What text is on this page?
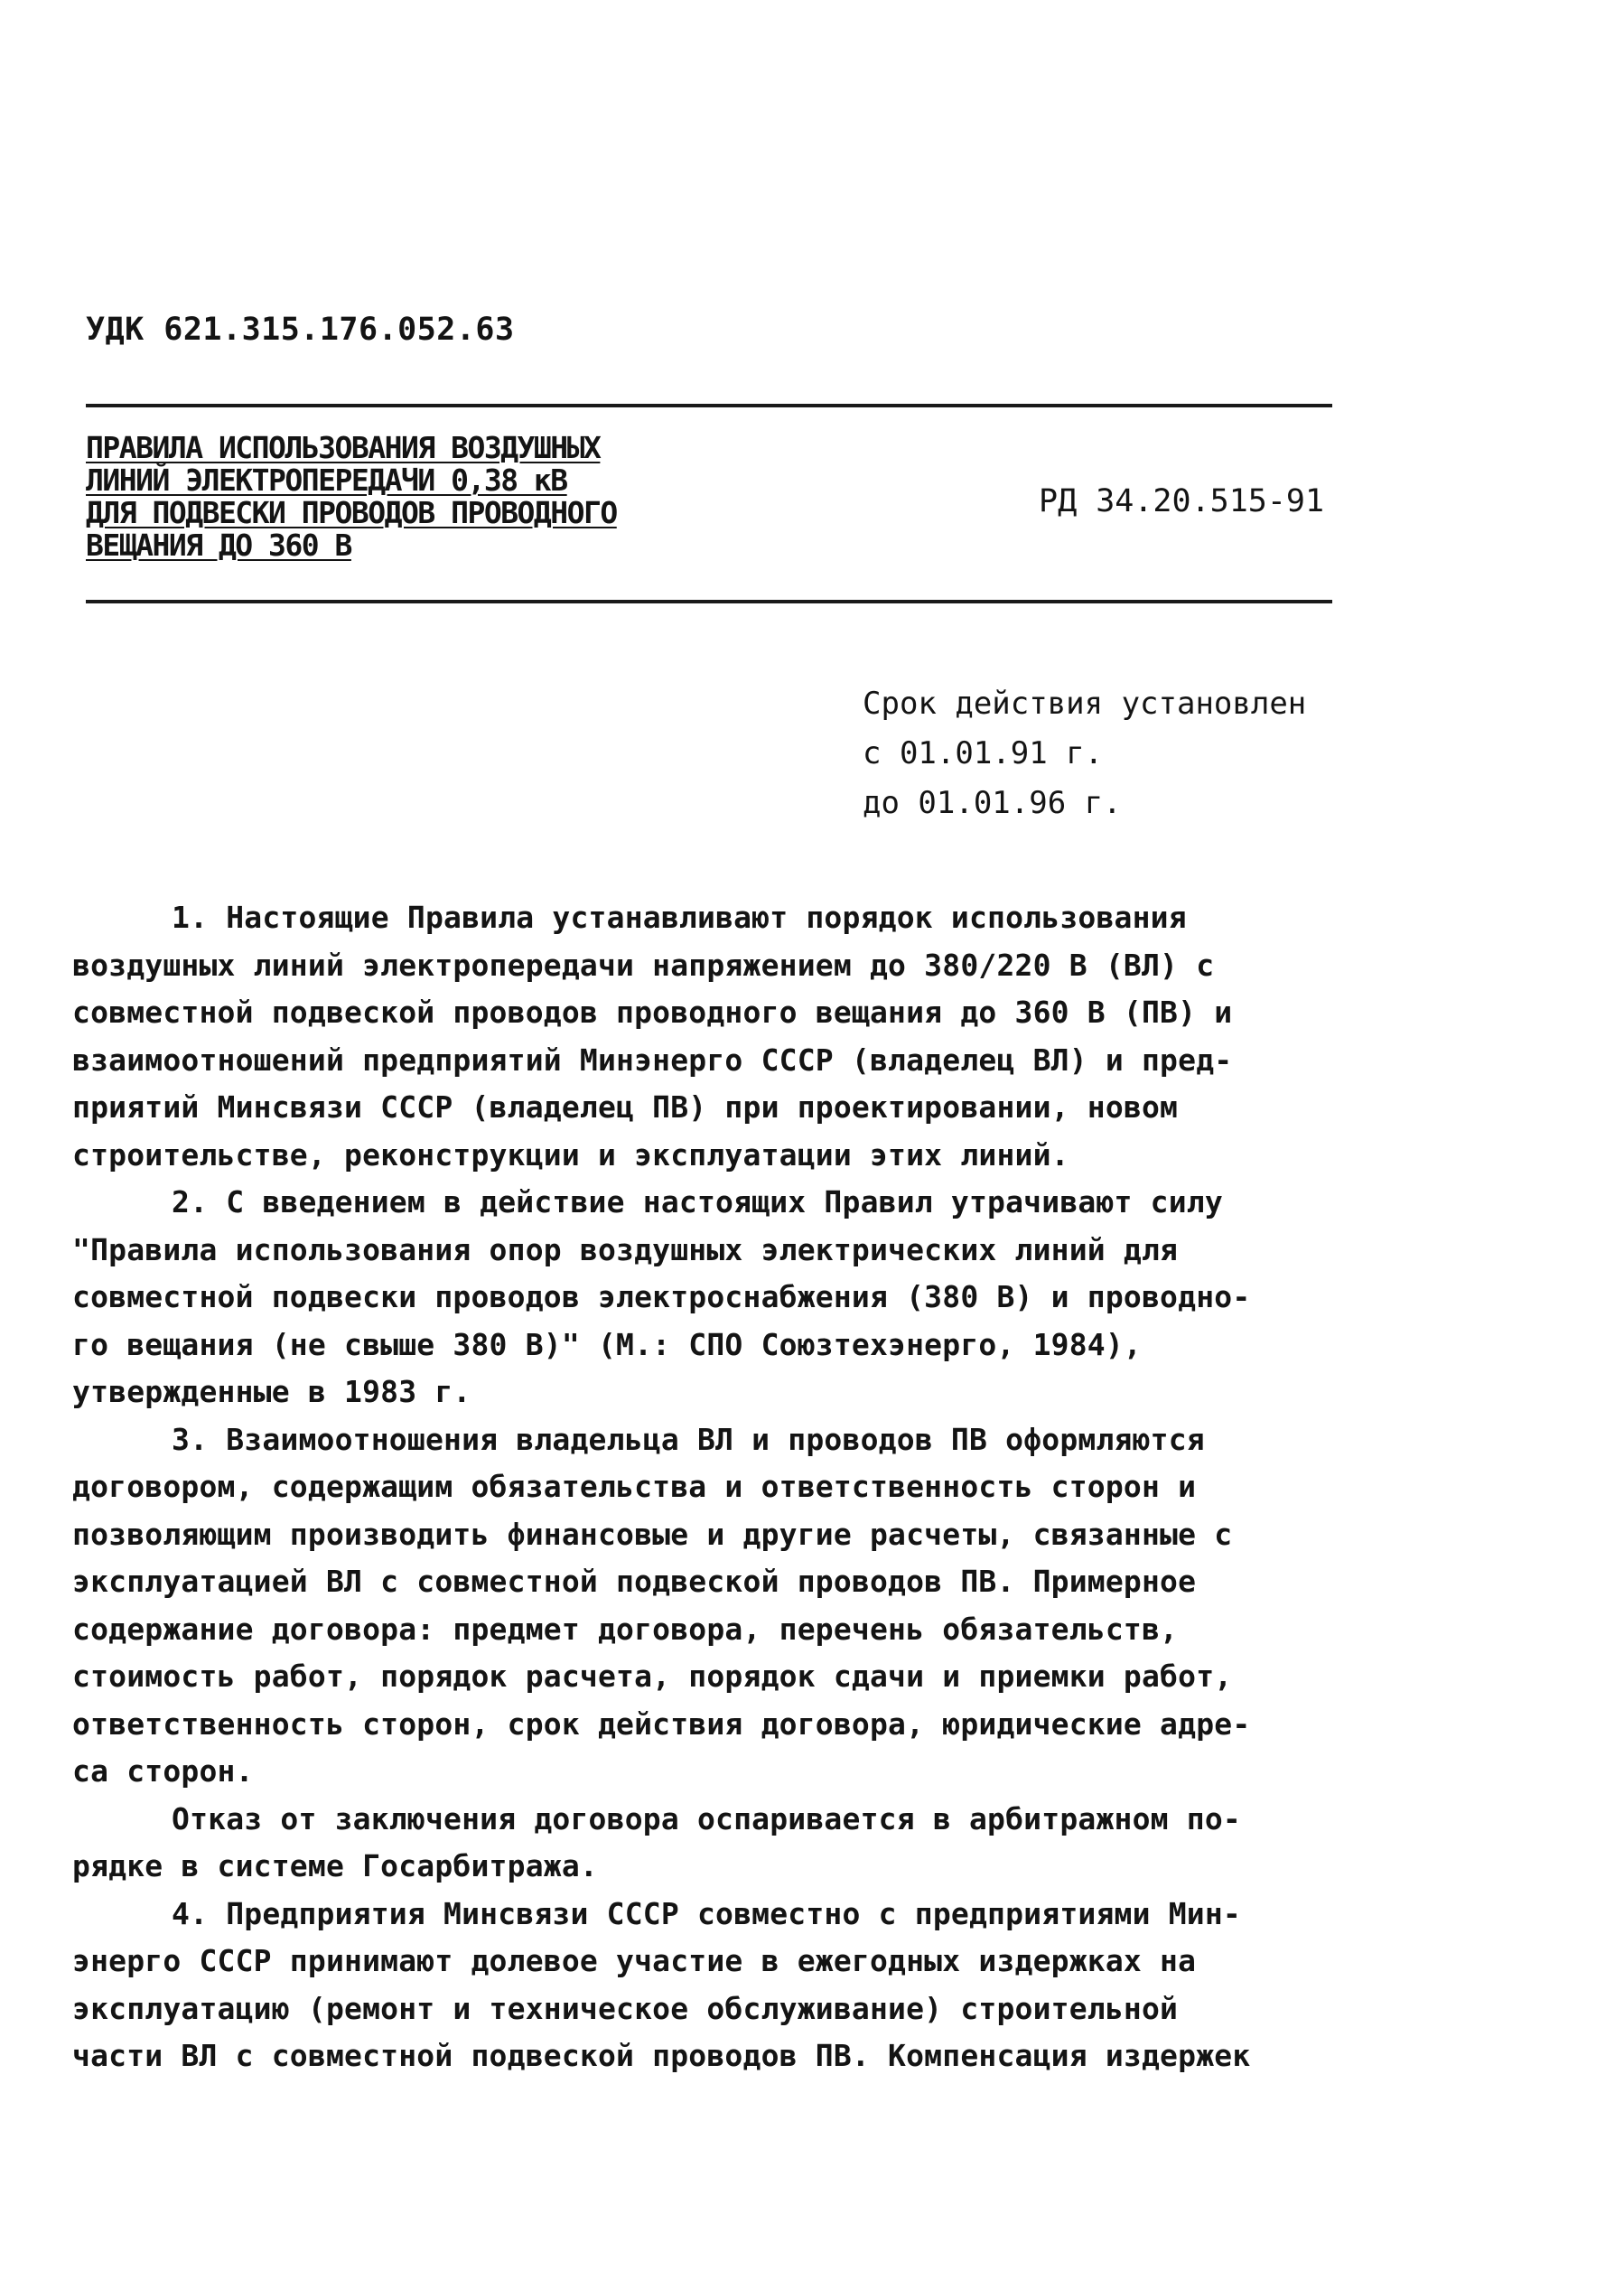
УДК 621.315.176.052.63
ПРАВИЛА ИСПОЛЬЗОВАНИЯ ВОЗДУШНЫХ
ЛИНИЙ ЭЛЕКТРОПЕРЕДАЧИ 0,38 кВ
ДЛЯ ПОДВЕСКИ ПРОВОДОВ ПРОВОДНОГО
ВЕЩАНИЯ ДО 360 В
РД 34.20.515-91
Срок действия установлен
с 01.01.91 г.
до 01.01.96 г.
1. Настоящие Правила устанавливают порядок использования
воздушных линий электропередачи напряжением до 380/220 В (ВЛ) с
совместной подвеской проводов проводного вещания до 360 В (ПВ) и
взаимоотношений предприятий Минэнерго СССР (владелец ВЛ) и пред-
приятий Минсвязи СССР (владелец ПВ) при проектировании, новом
строительстве, реконструкции и эксплуатации этих линий.
2. С введением в действие настоящих Правил утрачивают силу
"Правила использования опор воздушных электрических линий для
совместной подвески проводов электроснабжения (380 В) и проводно-
го вещания (не свыше 380 В)" (М.: СПО Союзтехэнерго, 1984),
утвержденные в 1983 г.
3. Взаимоотношения владельца ВЛ и проводов ПВ оформляются
договором, содержащим обязательства и ответственность сторон и
позволяющим производить финансовые и другие расчеты, связанные с
эксплуатацией ВЛ с совместной подвеской проводов ПВ. Примерное
содержание договора: предмет договора, перечень обязательств,
стоимость работ, порядок расчета, порядок сдачи и приемки работ,
ответственность сторон, срок действия договора, юридические адре-
са сторон.
Отказ от заключения договора оспаривается в арбитражном по-
рядке в системе Госарбитража.
4. Предприятия Минсвязи СССР совместно с предприятиями Мин-
энерго СССР принимают долевое участие в ежегодных издержках на
эксплуатацию (ремонт и техническое обслуживание) строительной
части ВЛ с совместной подвеской проводов ПВ. Компенсация издержек
